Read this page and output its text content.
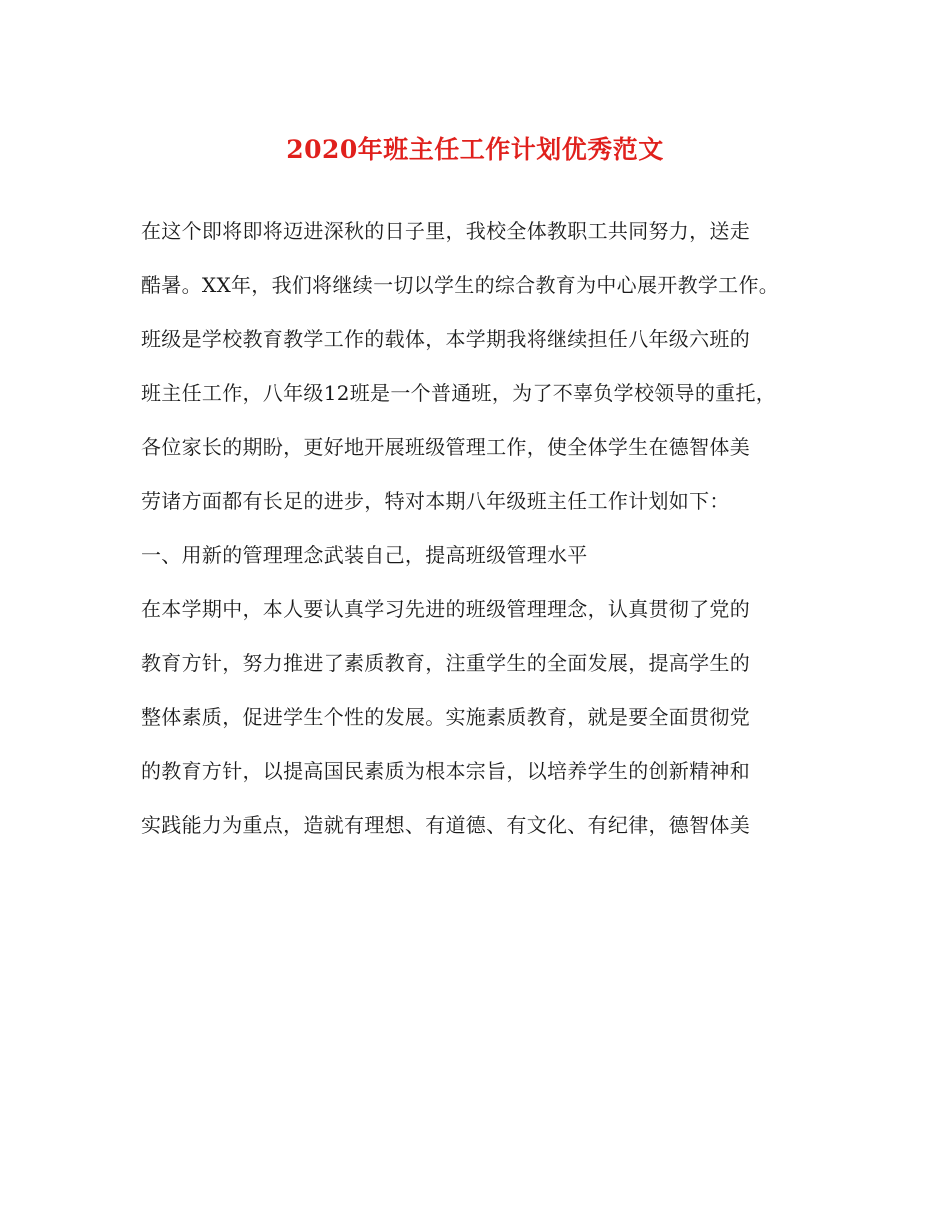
2020年班主任工作计划优秀范文
在这个即将即将迈进深秋的日子里，我校全体教职工共同努力，送走
酷暑。XX年，我们将继续一切以学生的综合教育为中心展开教学工作。
班级是学校教育教学工作的载体，本学期我将继续担任八年级六班的
班主任工作，八年级12班是一个普通班，为了不辜负学校领导的重托，
各位家长的期盼，更好地开展班级管理工作，使全体学生在德智体美
劳诸方面都有长足的进步，特对本期八年级班主任工作计划如下：
一、用新的管理理念武装自己，提高班级管理水平
在本学期中，本人要认真学习先进的班级管理理念，认真贯彻了党的
教育方针，努力推进了素质教育，注重学生的全面发展，提高学生的
整体素质，促进学生个性的发展。实施素质教育，就是要全面贯彻党
的教育方针，以提高国民素质为根本宗旨，以培养学生的创新精神和
实践能力为重点，造就有理想、有道德、有文化、有纪律，德智体美
